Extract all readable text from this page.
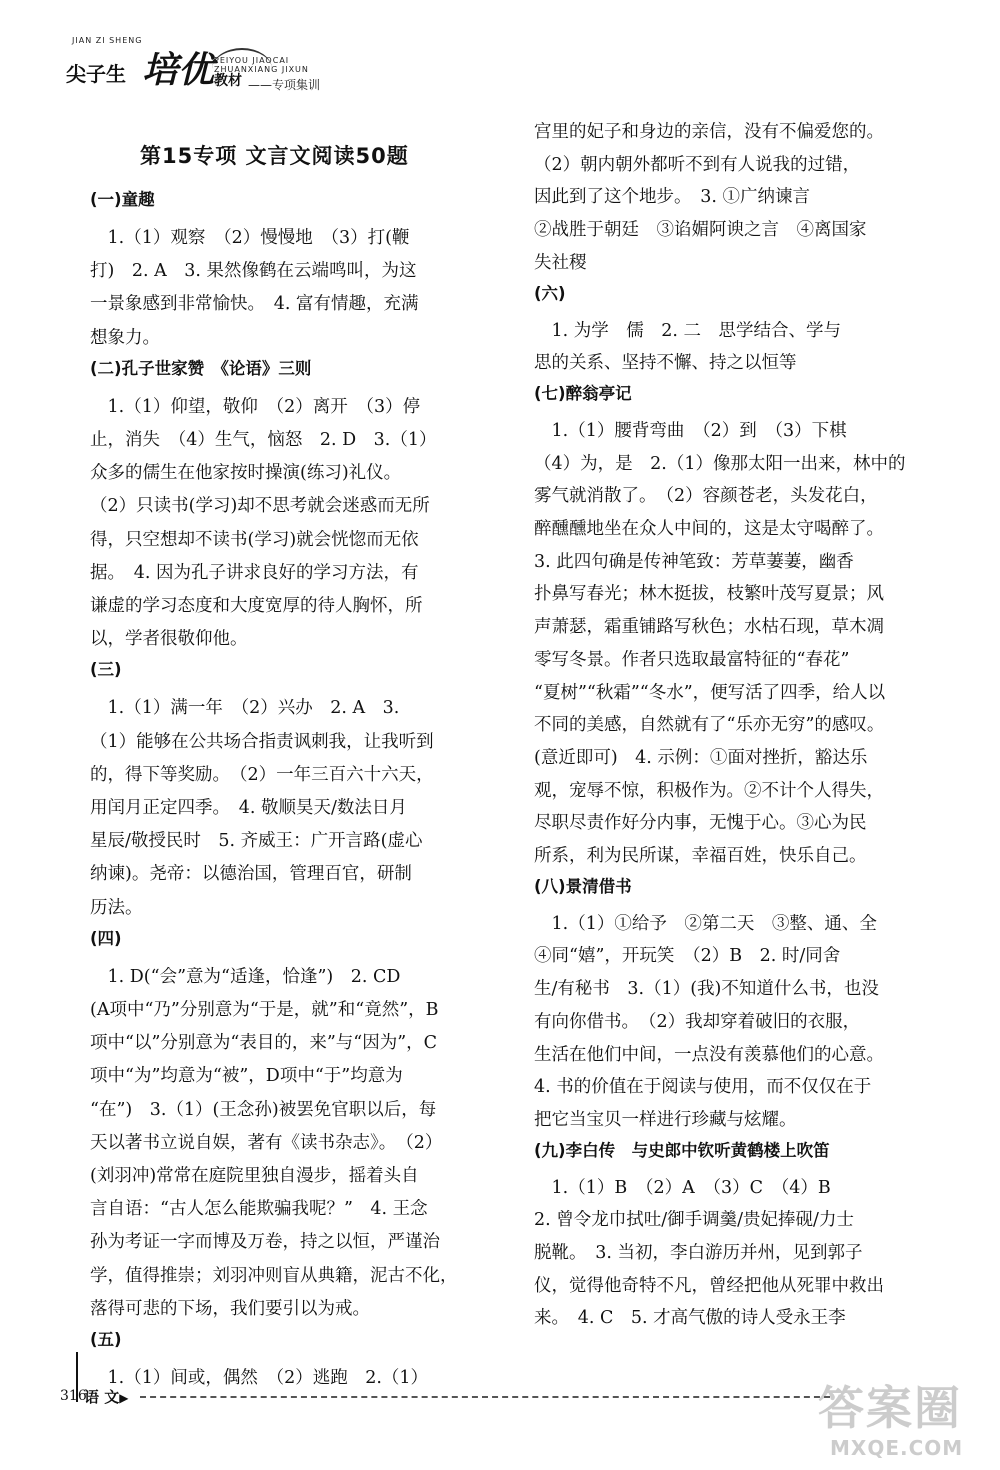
JIAN ZI SHENG
尖子生 培优 PEIYOU JIAOCAI ZHUANXIANG JIXUN
教材 ——专项集训
第15专项 文言文阅读50题
(一)童趣
　1.（1）观察　（2）慢慢地　（3）打(鞭
打)　2. A　3. 果然像鹤在云端鸣叫，为这
一景象感到非常愉快。　4. 富有情趣，充满
想象力。
(二)孔子世家赞　《论语》三则
　1.（1）仰望，敬仰　（2）离开　（3）停
止，消失　（4）生气，恼怒　2. D　3.（1）
众多的儒生在他家按时操演(练习)礼仪。
（2）只读书(学习)却不思考就会迷惑而无所
得，只空想却不读书(学习)就会恍惚而无依
据。　4. 因为孔子讲求良好的学习方法，有
谦虚的学习态度和大度宽厚的待人胸怀，所
以，学者很敬仰他。
(三)
　1.（1）满一年　（2）兴办　2. A　3.
（1）能够在公共场合指责讽刺我，让我听到
的，得下等奖励。　（2）一年三百六十六天，
用闰月正定四季。　4. 敬顺昊天/数法日月
星辰/敬授民时　5. 齐威王：广开言路(虚心
纳谏)。尧帝：以德治国，管理百官，研制
历法。
(四)
　1. D(“会”意为“适逢，恰逢”)　2. CD
(A项中“乃”分别意为“于是，就”和“竟然”，B
项中“以”分别意为“表目的，来”与“因为”，C
项中“为”均意为“被”，D项中“于”均意为
“在”)　3.（1）(王念孙)被罢免官职以后，每
天以著书立说自娱，著有《读书杂志》。　（2）
(刘羽冲)常常在庭院里独自漫步，摇着头自
言自语：“古人怎么能欺骗我呢？”　4. 王念
孙为考证一字而博及万卷，持之以恒，严谨治
学，值得推崇；刘羽冲则盲从典籍，泥古不化，
落得可悲的下场，我们要引以为戒。
(五)
　1.（1）间或，偶然　（2）逃跑　2.（1）
宫里的妃子和身边的亲信，没有不偏爱您的。
（2）朝内朝外都听不到有人说我的过错，
因此到了这个地步。　3. ①广纳谏言
②战胜于朝廷　③谄媚阿谀之言　④离国家
失社稷
(六)
　1. 为学　儒　2. 二　思学结合、学与
思的关系、坚持不懈、持之以恒等
(七)醉翁亭记
　1.（1）腰背弯曲　（2）到　（3）下棋
（4）为，是　2.（1）像那太阳一出来，林中的
雾气就消散了。　（2）容颜苍老，头发花白，
醉醺醺地坐在众人中间的，这是太守喝醉了。
3. 此四句确是传神笔致：芳草萋萋，幽香
扑鼻写春光；林木挺拔，枝繁叶茂写夏景；风
声萧瑟，霜重铺路写秋色；水枯石现，草木凋
零写冬景。作者只选取最富特征的“春花”
“夏树”“秋霜”“冬水”，便写活了四季，给人以
不同的美感，自然就有了“乐亦无穷”的感叹。
(意近即可)　4. 示例：①面对挫折，豁达乐
观，宠辱不惊，积极作为。②不计个人得失，
尽职尽责作好分内事，无愧于心。③心为民
所系，利为民所谋，幸福百姓，快乐自己。
(八)景清借书
　1.（1）①给予　②第二天　③整、通、全
④同“嬉”，开玩笑　（2）B　2. 时/同舍
生/有秘书　3.（1）(我)不知道什么书，也没
有向你借书。　（2）我却穿着破旧的衣服，
生活在他们中间，一点没有羡慕他们的心意。
4. 书的价值在于阅读与使用，而不仅仅在于
把它当宝贝一样进行珍藏与炫耀。
(九)李白传　与史郎中钦听黄鹤楼上吹笛
　1.（1）B　（2）A　（3）C　（4）B
2. 曾令龙巾拭吐/御手调羹/贵妃捧砚/力士
脱靴。　3. 当初，李白游历并州，见到郭子
仪，觉得他奇特不凡，曾经把他从死罪中救出
来。　4. C　5. 才高气傲的诗人受永王李
316
语 文▶	答案圈
MXQE.COM
